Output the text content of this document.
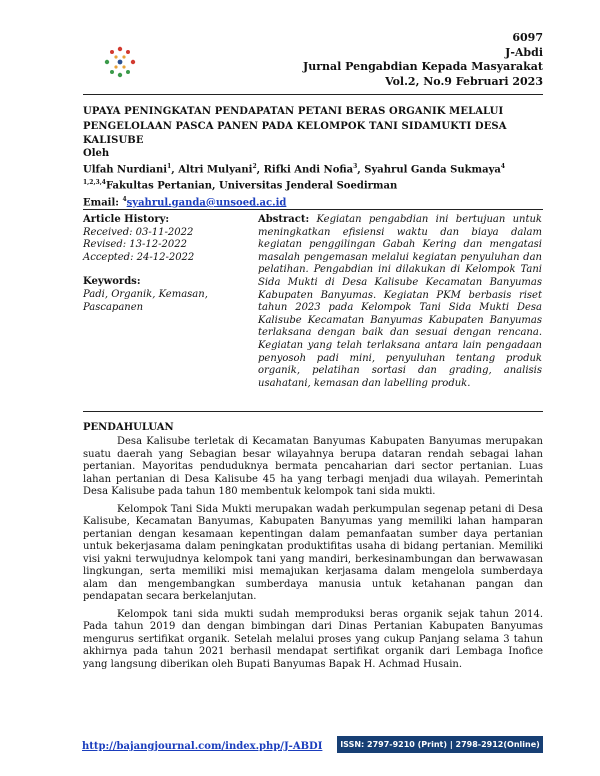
6097
J-Abdi
Jurnal Pengabdian Kepada Masyarakat
Vol.2, No.9 Februari 2023
UPAYA PENINGKATAN PENDAPATAN PETANI BERAS ORGANIK MELALUI PENGELOLAAN PASCA PANEN PADA KELOMPOK TANI SIDAMUKTI DESA KALISUBE
Oleh
Ulfah Nurdiani$^1$, Altri Mulyani$^2$, Rifki Andi Nofia$^3$, Syahrul Ganda Sukmaya$^4$
$^{1,2,3,4}$Fakultas Pertanian, Universitas Jenderal Soedirman
Email: $^4$syahrul.ganda@unsoed.ac.id
Article History:
Received: 03-11-2022
Revised: 13-12-2022
Accepted: 24-12-2022
Keywords:
Padi, Organik, Kemasan, Pascapanen
Abstract: Kegiatan pengabdian ini bertujuan untuk meningkatkan efisiensi waktu dan biaya dalam kegiatan penggilingan Gabah Kering dan mengatasi masalah pengemasan melalui kegiatan penyuluhan dan pelatihan. Pengabdian ini dilakukan di Kelompok Tani Sida Mukti di Desa Kalisube Kecamatan Banyumas Kabupaten Banyumas. Kegiatan PKM berbasis riset tahun 2023 pada Kelompok Tani Sida Mukti Desa Kalisube Kecamatan Banyumas Kabupaten Banyumas terlaksana dengan baik dan sesuai dengan rencana. Kegiatan yang telah terlaksana antara lain pengadaan penyosoh padi mini, penyuluhan tentang produk organik, pelatihan sortasi dan grading, analisis usahatani, kemasan dan labelling produk.
PENDAHULUAN

Desa Kalisube terletak di Kecamatan Banyumas Kabupaten Banyumas merupakan suatu daerah yang Sebagian besar wilayahnya berupa dataran rendah sebagai lahan pertanian. Mayoritas penduduknya bermata pencaharian dari sector pertanian. Luas lahan pertanian di Desa Kalisube 45 ha yang terbagi menjadi dua wilayah. Pemerintah Desa Kalisube pada tahun 180 membentuk kelompok tani sida mukti.

Kelompok Tani Sida Mukti merupakan wadah perkumpulan segenap petani di Desa Kalisube, Kecamatan Banyumas, Kabupaten Banyumas yang memiliki lahan hamparan pertanian dengan kesamaan kepentingan dalam pemanfaatan sumber daya pertanian untuk bekerjasama dalam peningkatan produktifitas usaha di bidang pertanian. Memiliki visi yakni terwujudnya kelompok tani yang mandiri, berkesinambungan dan berwawasan lingkungan, serta memiliki misi memajukan kerjasama dalam mengelola sumberdaya alam dan mengembangkan sumberdaya manusia untuk ketahanan pangan dan pendapatan secara berkelanjutan.

Kelompok tani sida mukti sudah memproduksi beras organik sejak tahun 2014. Pada tahun 2019 dan dengan bimbingan dari Dinas Pertanian Kabupaten Banyumas mengurus sertifikat organik. Setelah melalui proses yang cukup Panjang selama 3 tahun akhirnya pada tahun 2021 berhasil mendapat sertifikat organik dari Lembaga Inofice yang langsung diberikan oleh Bupati Banyumas Bapak H. Achmad Husain.

http://bajangjournal.com/index.php/J-ABDI	ISSN: 2797-9210 (Print) | 2798-2912(Online)
